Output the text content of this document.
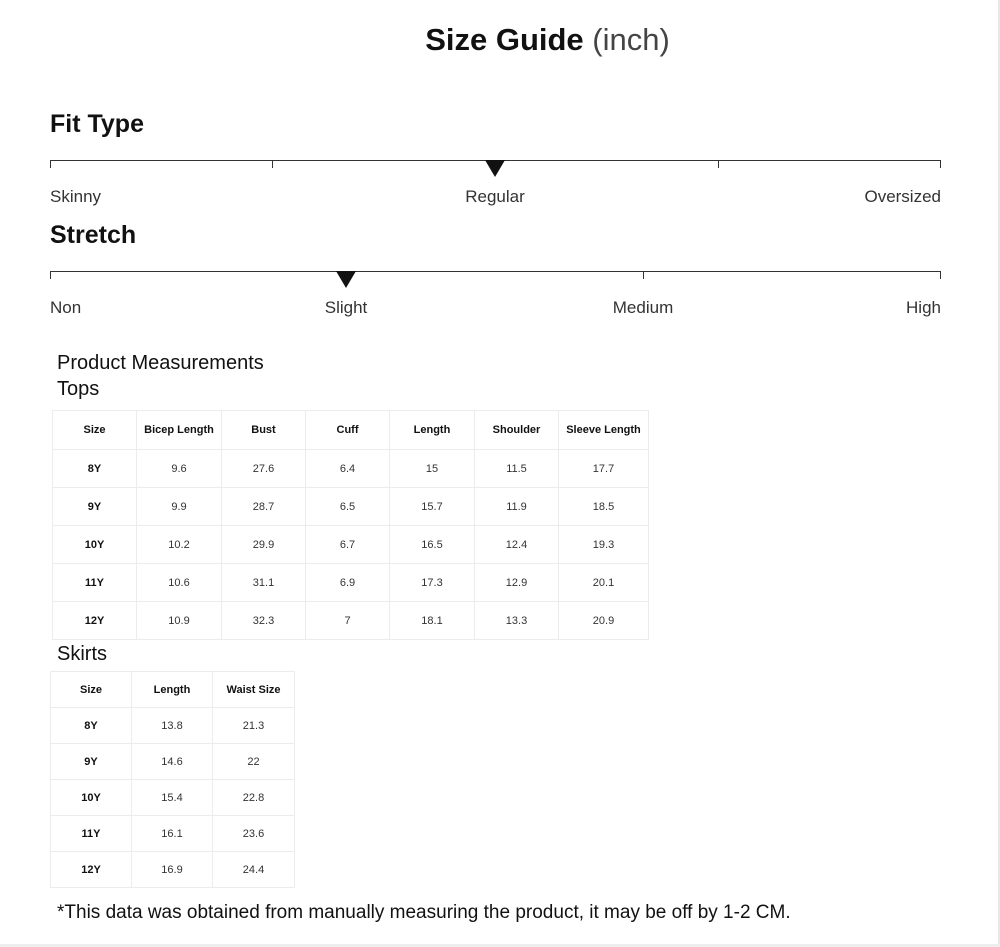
Size Guide (inch)
Fit Type
Skinny	Regular	Oversized
Stretch
Non	Slight	Medium	High
Product Measurements
Tops
Size	Bicep Length	Bust	Cuff	Length	Shoulder	Sleeve Length
8Y	9.6	27.6	6.4	15	11.5	17.7
9Y	9.9	28.7	6.5	15.7	11.9	18.5
10Y	10.2	29.9	6.7	16.5	12.4	19.3
11Y	10.6	31.1	6.9	17.3	12.9	20.1
12Y	10.9	32.3	7	18.1	13.3	20.9
Skirts
Size	Length	Waist Size
8Y	13.8	21.3
9Y	14.6	22
10Y	15.4	22.8
11Y	16.1	23.6
12Y	16.9	24.4
*This data was obtained from manually measuring the product, it may be off by 1-2 CM.
